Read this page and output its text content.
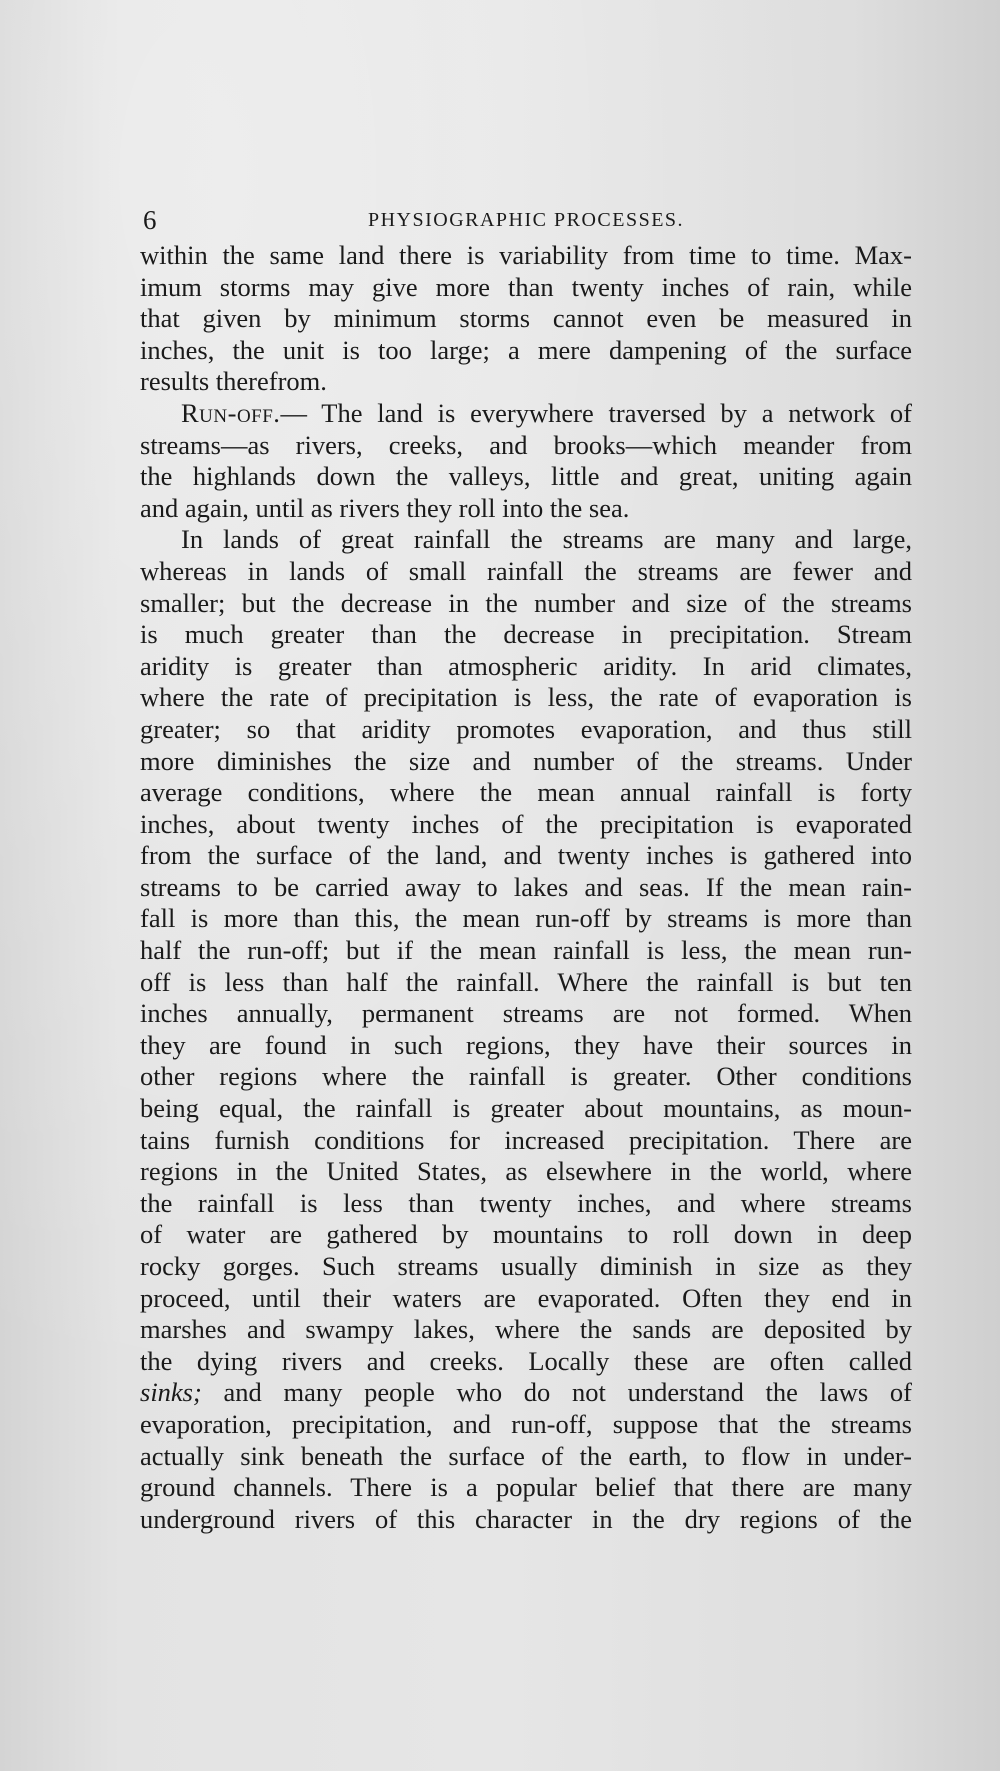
6	PHYSIOGRAPHIC PROCESSES.
within the same land there is variability from time to time. Max-
imum storms may give more than twenty inches of rain, while
that given by minimum storms cannot even be measured in
inches, the unit is too large; a mere dampening of the surface
results therefrom.
Run-off.— The land is everywhere traversed by a network of
streams—as rivers, creeks, and brooks—which meander from
the highlands down the valleys, little and great, uniting again
and again, until as rivers they roll into the sea.
In lands of great rainfall the streams are many and large,
whereas in lands of small rainfall the streams are fewer and
smaller; but the decrease in the number and size of the streams
is much greater than the decrease in precipitation. Stream
aridity is greater than atmospheric aridity. In arid climates,
where the rate of precipitation is less, the rate of evaporation is
greater; so that aridity promotes evaporation, and thus still
more diminishes the size and number of the streams. Under
average conditions, where the mean annual rainfall is forty
inches, about twenty inches of the precipitation is evaporated
from the surface of the land, and twenty inches is gathered into
streams to be carried away to lakes and seas. If the mean rain-
fall is more than this, the mean run-off by streams is more than
half the run-off; but if the mean rainfall is less, the mean run-
off is less than half the rainfall. Where the rainfall is but ten
inches annually, permanent streams are not formed. When
they are found in such regions, they have their sources in
other regions where the rainfall is greater. Other conditions
being equal, the rainfall is greater about mountains, as moun-
tains furnish conditions for increased precipitation. There are
regions in the United States, as elsewhere in the world, where
the rainfall is less than twenty inches, and where streams
of water are gathered by mountains to roll down in deep
rocky gorges. Such streams usually diminish in size as they
proceed, until their waters are evaporated. Often they end in
marshes and swampy lakes, where the sands are deposited by
the dying rivers and creeks. Locally these are often called
sinks; and many people who do not understand the laws of
evaporation, precipitation, and run-off, suppose that the streams
actually sink beneath the surface of the earth, to flow in under-
ground channels. There is a popular belief that there are many
underground rivers of this character in the dry regions of the
